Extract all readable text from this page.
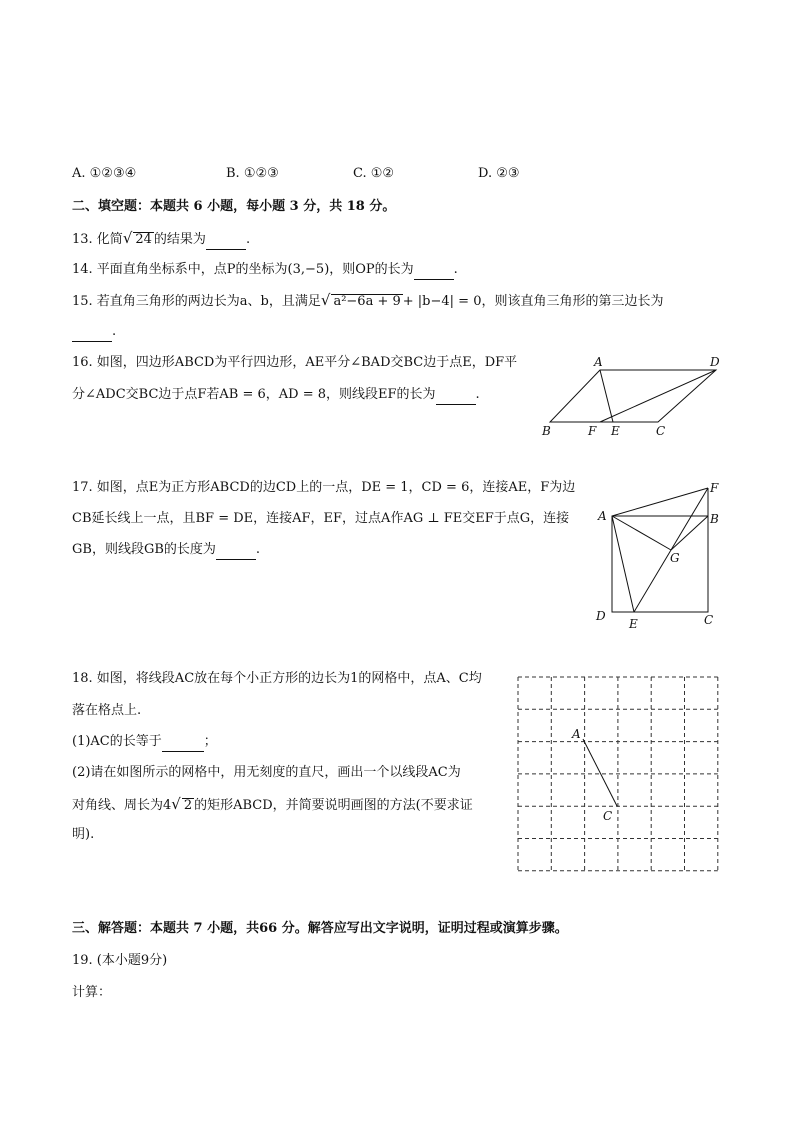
A. ①②③④	B. ①②③	C. ①②	D. ②③
二、填空题：本题共 6 小题，每小题 3 分，共 18 分。
13. 化简√ 24 的结果为	.
14. 平面直角坐标系中，点P的坐标为(3,−5)，则OP的长为	.
15. 若直角三角形的两边长为a、b，且满足√ a²−6a + 9 + |b−4| = 0，则该直角三角形的第三边长为
.
16. 如图，四边形ABCD为平行四边形，AE平分∠BAD交BC边于点E，DF平
分∠ADC交BC边于点F若AB = 6，AD = 8，则线段EF的长为	.
A	D
B	F E	C
17. 如图，点E为正方形ABCD的边CD上的一点，DE = 1，CD = 6，连接AE，F为边
CB延长线上一点，且BF = DE，连接AF，EF，过点A作AG ⊥ FE交EF于点G，连接
GB，则线段GB的长度为	.
F
A	B
G
D
E	C
18. 如图，将线段AC放在每个小正方形的边长为1的网格中，点A、C均
落在格点上.
(1)AC的长等于	；
(2)请在如图所示的网格中，用无刻度的直尺，画出一个以线段AC为
对角线、周长为4√ 2 的矩形ABCD，并简要说明画图的方法(不要求证
明).
A
C
三、解答题：本题共 7 小题，共66 分。解答应写出文字说明，证明过程或演算步骤。
19. (本小题9分)
计算：
